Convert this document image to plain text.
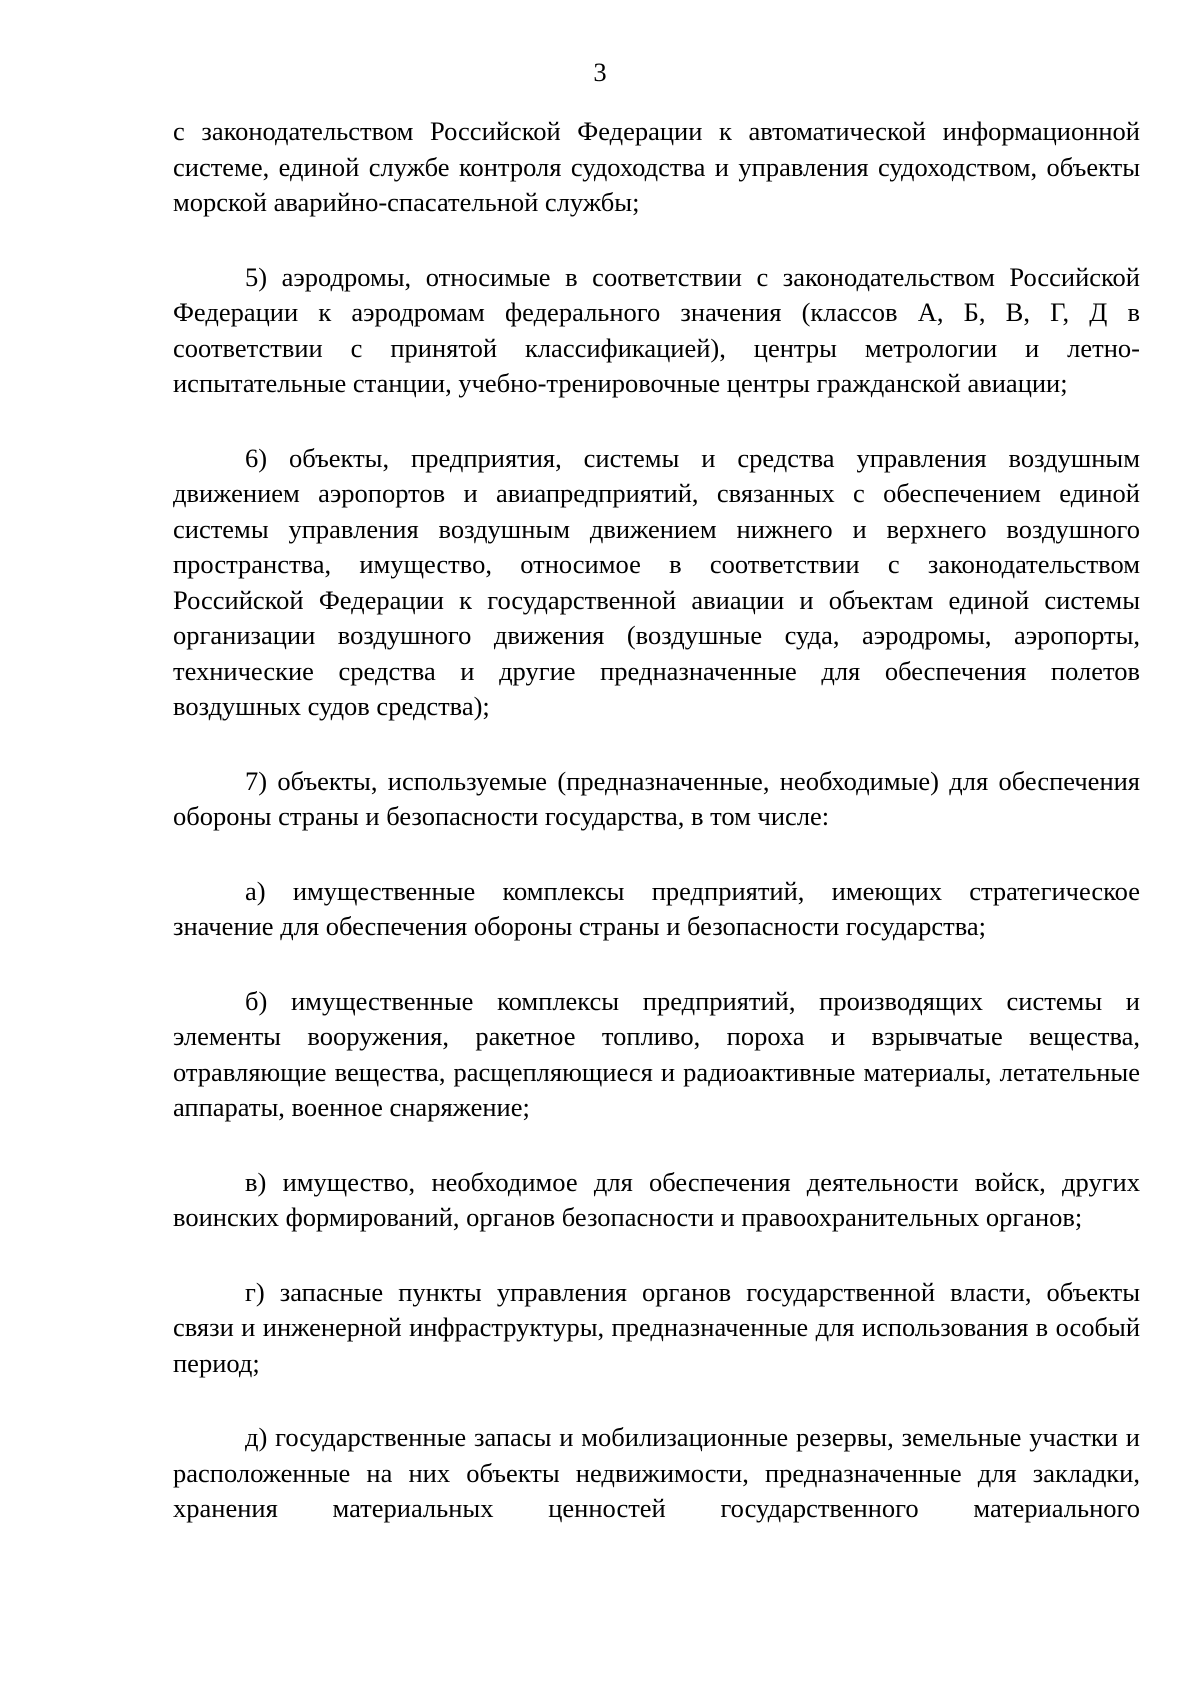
3

с законодательством Российской Федерации к автоматической информационной системе, единой службе контроля судоходства и управления судоходством, объекты морской аварийно-спасательной службы;

5) аэродромы, относимые в соответствии с законодательством Российской Федерации к аэродромам федерального значения (классов А, Б, В, Г, Д в соответствии с принятой классификацией), центры метрологии и летно-испытательные станции, учебно-тренировочные центры гражданской авиации;

6) объекты, предприятия, системы и средства управления воздушным движением аэропортов и авиапредприятий, связанных с обеспечением единой системы управления воздушным движением нижнего и верхнего воздушного пространства, имущество, относимое в соответствии с законодательством Российской Федерации к государственной авиации и объектам единой системы организации воздушного движения (воздушные суда, аэродромы, аэропорты, технические средства и другие предназначенные для обеспечения полетов воздушных судов средства);

7) объекты, используемые (предназначенные, необходимые) для обеспечения обороны страны и безопасности государства, в том числе:

а) имущественные комплексы предприятий, имеющих стратегическое значение для обеспечения обороны страны и безопасности государства;

б) имущественные комплексы предприятий, производящих системы и элементы вооружения, ракетное топливо, пороха и взрывчатые вещества, отравляющие вещества, расщепляющиеся и радиоактивные материалы, летательные аппараты, военное снаряжение;

в) имущество, необходимое для обеспечения деятельности войск, других воинских формирований, органов безопасности и правоохранительных органов;

г) запасные пункты управления органов государственной власти, объекты связи и инженерной инфраструктуры, предназначенные для использования в особый период;

д) государственные запасы и мобилизационные резервы, земельные участки и расположенные на них объекты недвижимости, предназначенные для закладки, хранения материальных ценностей государственного материального
